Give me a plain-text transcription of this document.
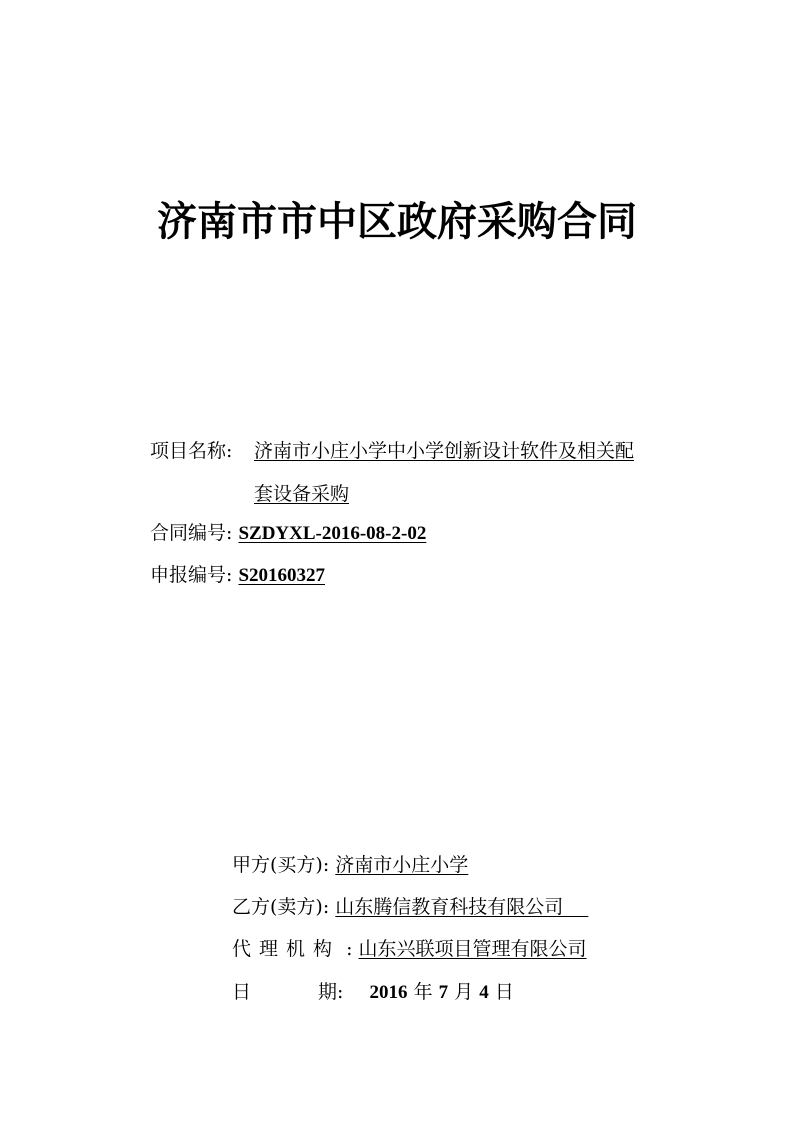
济南市市中区政府采购合同
项目名称: 济南市小庄小学中小学创新设计软件及相关配
套设备采购
合同编号: SZDYXL-2016-08-2-02
申报编号: S20160327
甲方(买方): 济南市小庄小学
乙方(卖方): 山东腾信教育科技有限公司　
代理机构 : 山东兴联项目管理有限公司
日	期: 2016 年 7 月 4 日
